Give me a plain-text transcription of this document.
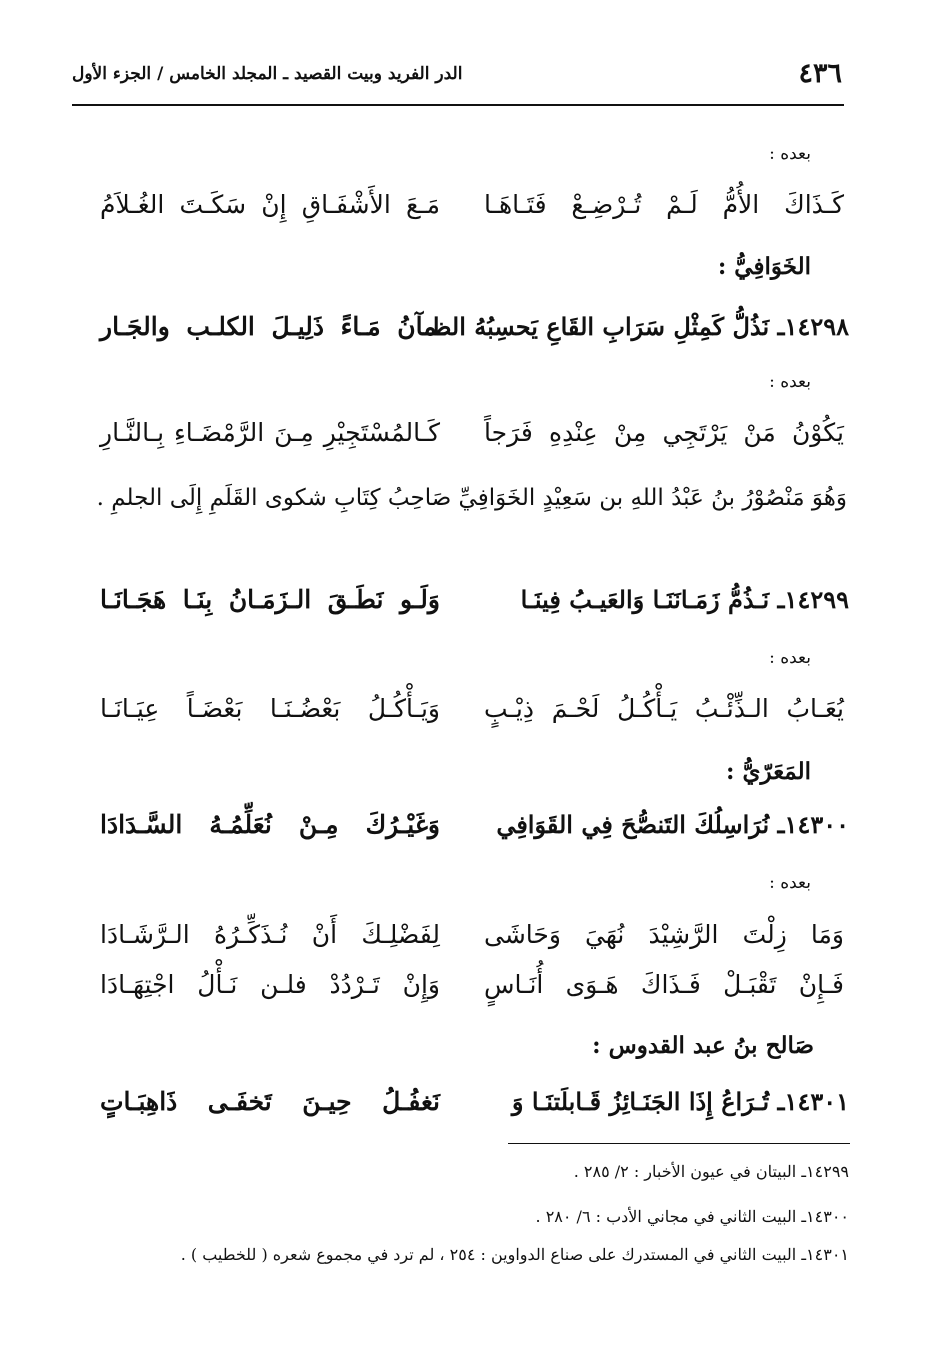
٤٣٦
الدر الفريد وبيت القصيد ـ المجلد الخامس / الجزء الأول
بعده :
كَـذَاكَ الأُمُّ لَـمْ تُـرْضِـعْ فَتَـاهَـا
مَـعَ الأَشْفَـاقِ إِنْ سَكَـتَ الغُـلاَمُ
الخَوَافِيُّ :
١٤٢٩٨ـ نَذُلُّ كَمِثْلِ سَرَابِ القَاعِ يَحسِبُهُ الظـ
ـمآنُ مَـاءً ذَلِيـلَ الكلـب والجَـار
بعده :
يَكُوْنُ مَنْ يَرْتَجِي مِنْ عِنْدِهِ فَرَجاً
كَـالمُسْتَجِيْرِ مِـنَ الرَّمْضَـاءِ بِـالنَّـارِ
وَهُوَ مَنْصُوْرُ بنُ عَبْدُ اللهِ بن سَعِيْدٍ الخَوَافِيِّ صَاحِبُ كِتَابِ شكوى القَلَمِ إِلَى الجلمِ .
١٤٢٩٩ـ نَـذُمُّ زَمَـانَنَـا وَالعَيـبُ فِينَـا
وَلَـو نَطَـقَ الـزَمَـانُ بِنَـا هَجَـانَـا
بعده :
يُعَـابُ الـذِّئْـبُ يَـأْكُـلُ لَحْـمَ ذِيْـبٍ
وَيَـأْكُـلُ بَعْضُـنَـا بَعْضَـاً عِيَـانَـا
المَعَرّيُّ :
١٤٣٠٠ـ نُرَاسِلُكَ التَنصُّحَ فِي القَوَافِي
وَغَيْـرُكَ مِـنْ نُعَلِّمُـهُ السَّـدَادَا
بعده :
وَمَا زِلْتَ الرَّشِيْدَ نُهَيَ وَحَاشَى
لِفَضْلِـكَ أَنْ نُـذَكِّـرُهُ الـرَّشَـادَا
فَـإِنْ تَقْبَـلْ فَـذَاكَ هَـوَى أُنَـاسٍ
وَإِنْ تَـرْدُدْ فلـن نَـأْلُ اجْتِهَـادَا
صَالح بنُ عبد القدوس :
١٤٣٠١ـ تُـرَاعُ إِذَا الجَنَـائِزُ قَـابلَتنَـا وَ
نَغفُـلُ حِيـنَ تَخفَـى ذَاهِبَـاتٍ
١٤٢٩٩ـ البيتان في عيون الأخبار : ٢/ ٢٨٥ .
١٤٣٠٠ـ البيت الثاني في مجاني الأدب : ٦/ ٢٨٠ .
١٤٣٠١ـ البيت الثاني في المستدرك على صناع الدواوين : ٢٥٤ ، لم ترد في مجموع شعره ( للخطيب ) .
